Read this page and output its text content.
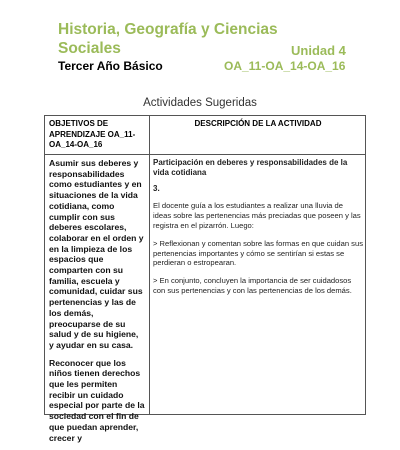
Historia, Geografía y Ciencias
Sociales	Unidad 4
Tercer Año Básico	OA_11-OA_14-OA_16
Actividades Sugeridas
OBJETIVOS DE APRENDIZAJE OA_11-OA_14-OA_16
DESCRIPCIÓN DE LA ACTIVIDAD

Asumir sus deberes y responsabilidades como estudiantes y en situaciones de la vida cotidiana, como cumplir con sus deberes escolares, colaborar en el orden y en la limpieza de los espacios que comparten con su familia, escuela y comunidad, cuidar sus pertenencias y las de los demás, preocuparse de su salud y de su higiene, y ayudar en su casa.

Reconocer que los niños tienen derechos que les permiten recibir un cuidado especial por parte de la sociedad con el fin de que puedan aprender, crecer y

Participación en deberes y responsabilidades de la vida cotidiana

3.

El docente guía a los estudiantes a realizar una lluvia de ideas sobre las pertenencias más preciadas que poseen y las registra en el pizarrón. Luego:

> Reflexionan y comentan sobre las formas en que cuidan sus pertenencias importantes y cómo se sentirían si estas se perdieran o estropearan.

> En conjunto, concluyen la importancia de ser cuidadosos con sus pertenencias y con las pertenencias de los demás.
